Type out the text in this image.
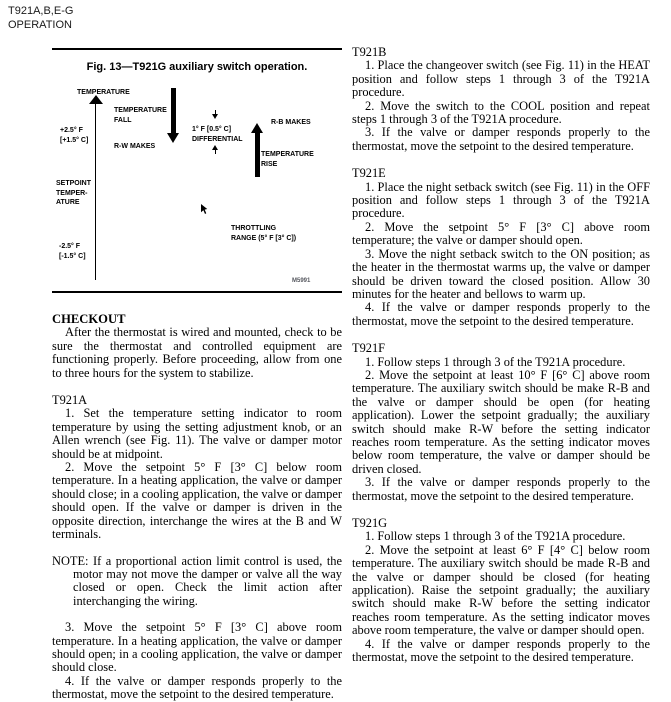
T921A,B,E-G
OPERATION
Fig. 13—T921G auxiliary switch operation.
TEMPERATURE
TEMPERATURE
FALL
+2.5° F
[+1.5° C]
R-W MAKES
1° F [0.5° C]
DIFFERENTIAL
R-B MAKES
TEMPERATURE
RISE
SETPOINT
TEMPER-
ATURE
THROTTLING
RANGE (5° F [3° C])
-2.5° F
[-1.5° C]
M5991

CHECKOUT

After the thermostat is wired and mounted, check to be sure the thermostat and controlled equipment are functioning properly. Before proceeding, allow from one to three hours for the system to stabilize.

T921A

1. Set the temperature setting indicator to room temperature by using the setting adjustment knob, or an Allen wrench (see Fig. 11). The valve or damper motor should be at midpoint.

2. Move the setpoint 5° F [3° C] below room temperature. In a heating application, the valve or damper should close; in a cooling application, the valve or damper should open. If the valve or damper is driven in the opposite direction, interchange the wires at the B and W terminals.

NOTE: If a proportional action limit control is used, the motor may not move the damper or valve all the way closed or open. Check the limit action after interchanging the wiring.

3. Move the setpoint 5° F [3° C] above room temperature. In a heating application, the valve or damper should open; in a cooling application, the valve or damper should close.

4. If the valve or damper responds properly to the thermostat, move the setpoint to the desired temperature.

T921B

1. Place the changeover switch (see Fig. 11) in the HEAT position and follow steps 1 through 3 of the T921A procedure.

2. Move the switch to the COOL position and repeat steps 1 through 3 of the T921A procedure.

3. If the valve or damper responds properly to the thermostat, move the setpoint to the desired temperature.

T921E

1. Place the night setback switch (see Fig. 11) in the OFF position and follow steps 1 through 3 of the T921A procedure.

2. Move the setpoint 5° F [3° C] above room temperature; the valve or damper should open.

3. Move the night setback switch to the ON position; as the heater in the thermostat warms up, the valve or damper should be driven toward the closed position. Allow 30 minutes for the heater and bellows to warm up.

4. If the valve or damper responds properly to the thermostat, move the setpoint to the desired temperature.

T921F

1. Follow steps 1 through 3 of the T921A procedure.

2. Move the setpoint at least 10° F [6° C] above room temperature. The auxiliary switch should be make R-B and the valve or damper should be open (for heating application). Lower the setpoint gradually; the auxiliary switch should make R-W before the setting indicator reaches room temperature. As the setting indicator moves below room temperature, the valve or damper should be driven closed.

3. If the valve or damper responds properly to the thermostat, move the setpoint to the desired temperature.

T921G

1. Follow steps 1 through 3 of the T921A procedure.

2. Move the setpoint at least 6° F [4° C] below room temperature. The auxiliary switch should be made R-B and the valve or damper should be closed (for heating application). Raise the setpoint gradually; the auxiliary switch should make R-W before the setting indicator reaches room temperature. As the setting indicator moves above room temperature, the valve or damper should open.

4. If the valve or damper responds properly to the thermostat, move the setpoint to the desired temperature.
